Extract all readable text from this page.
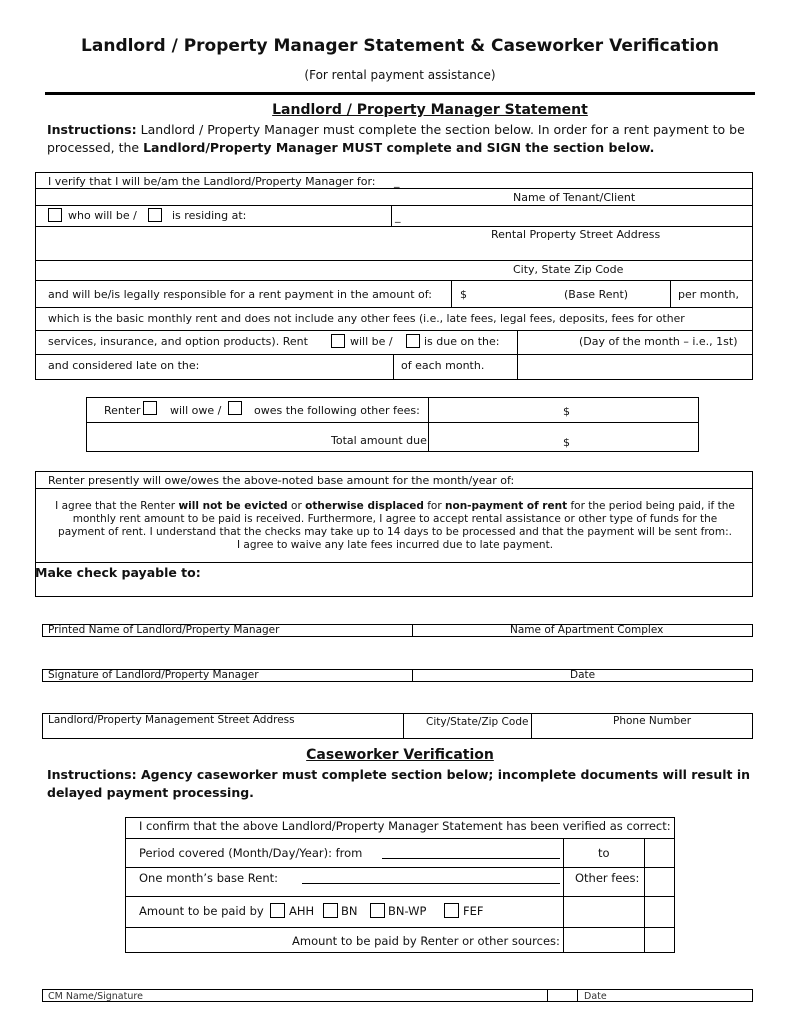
Landlord / Property Manager Statement & Caseworker Verification
(For rental payment assistance)
Landlord / Property Manager Statement
Instructions: Landlord / Property Manager must complete the section below. In order for a rent payment to be processed, the Landlord/Property Manager MUST complete and SIGN the section below.
I verify that I will be/am the Landlord/Property Manager for: _
Name of Tenant/Client
who will be /	is residing at:	_
Rental Property Street Address
City, State Zip Code
and will be/is legally responsible for a rent payment in the amount of:	$	(Base Rent)	per month,
which is the basic monthly rent and does not include any other fees (i.e., late fees, legal fees, deposits, fees for other
services, insurance, and option products). Rent	will be /	is due on the:	(Day of the month – i.e., 1st)
and considered late on the:	of each month.
Renter	will owe /	owes the following other fees:	$
Total amount due	$
Renter presently will owe/owes the above-noted base amount for the month/year of:
I agree that the Renter will not be evicted or otherwise displaced for non-payment of rent for the period being paid, if the monthly rent amount to be paid is received. Furthermore, I agree to accept rental assistance or other type of funds for the payment of rent. I understand that the checks may take up to 14 days to be processed and that the payment will be sent from:.
I agree to waive any late fees incurred due to late payment.
Make check payable to:
Printed Name of Landlord/Property Manager	Name of Apartment Complex
Signature of Landlord/Property Manager	Date
Landlord/Property Management Street Address	City/State/Zip Code	Phone Number
Caseworker Verification
Instructions: Agency caseworker must complete section below; incomplete documents will result in delayed payment processing.
I confirm that the above Landlord/Property Manager Statement has been verified as correct:
Period covered (Month/Day/Year): from	to
One month’s base Rent:	Other fees:
Amount to be paid by AHH BN	BN-WP	FEF
Amount to be paid by Renter or other sources:
CM Name/Signature	Date
